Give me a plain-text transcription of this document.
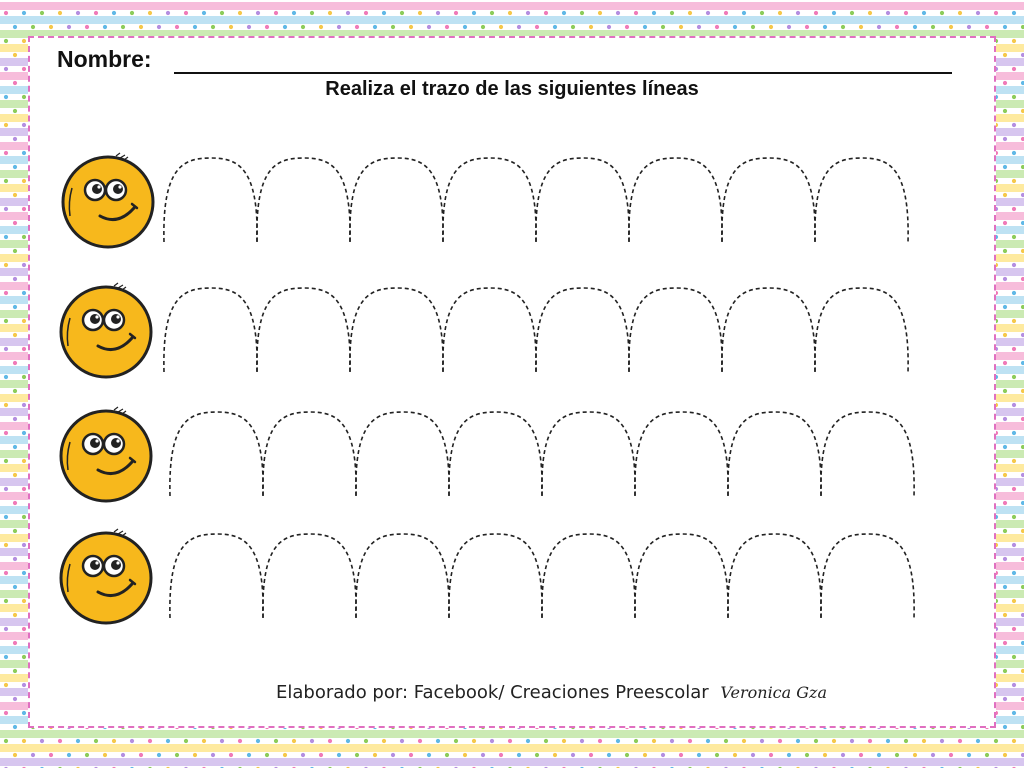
Nombre:
Realiza el trazo de las siguientes líneas
Elaborado por: Facebook/ Creaciones Preescolar Veronica Gza
